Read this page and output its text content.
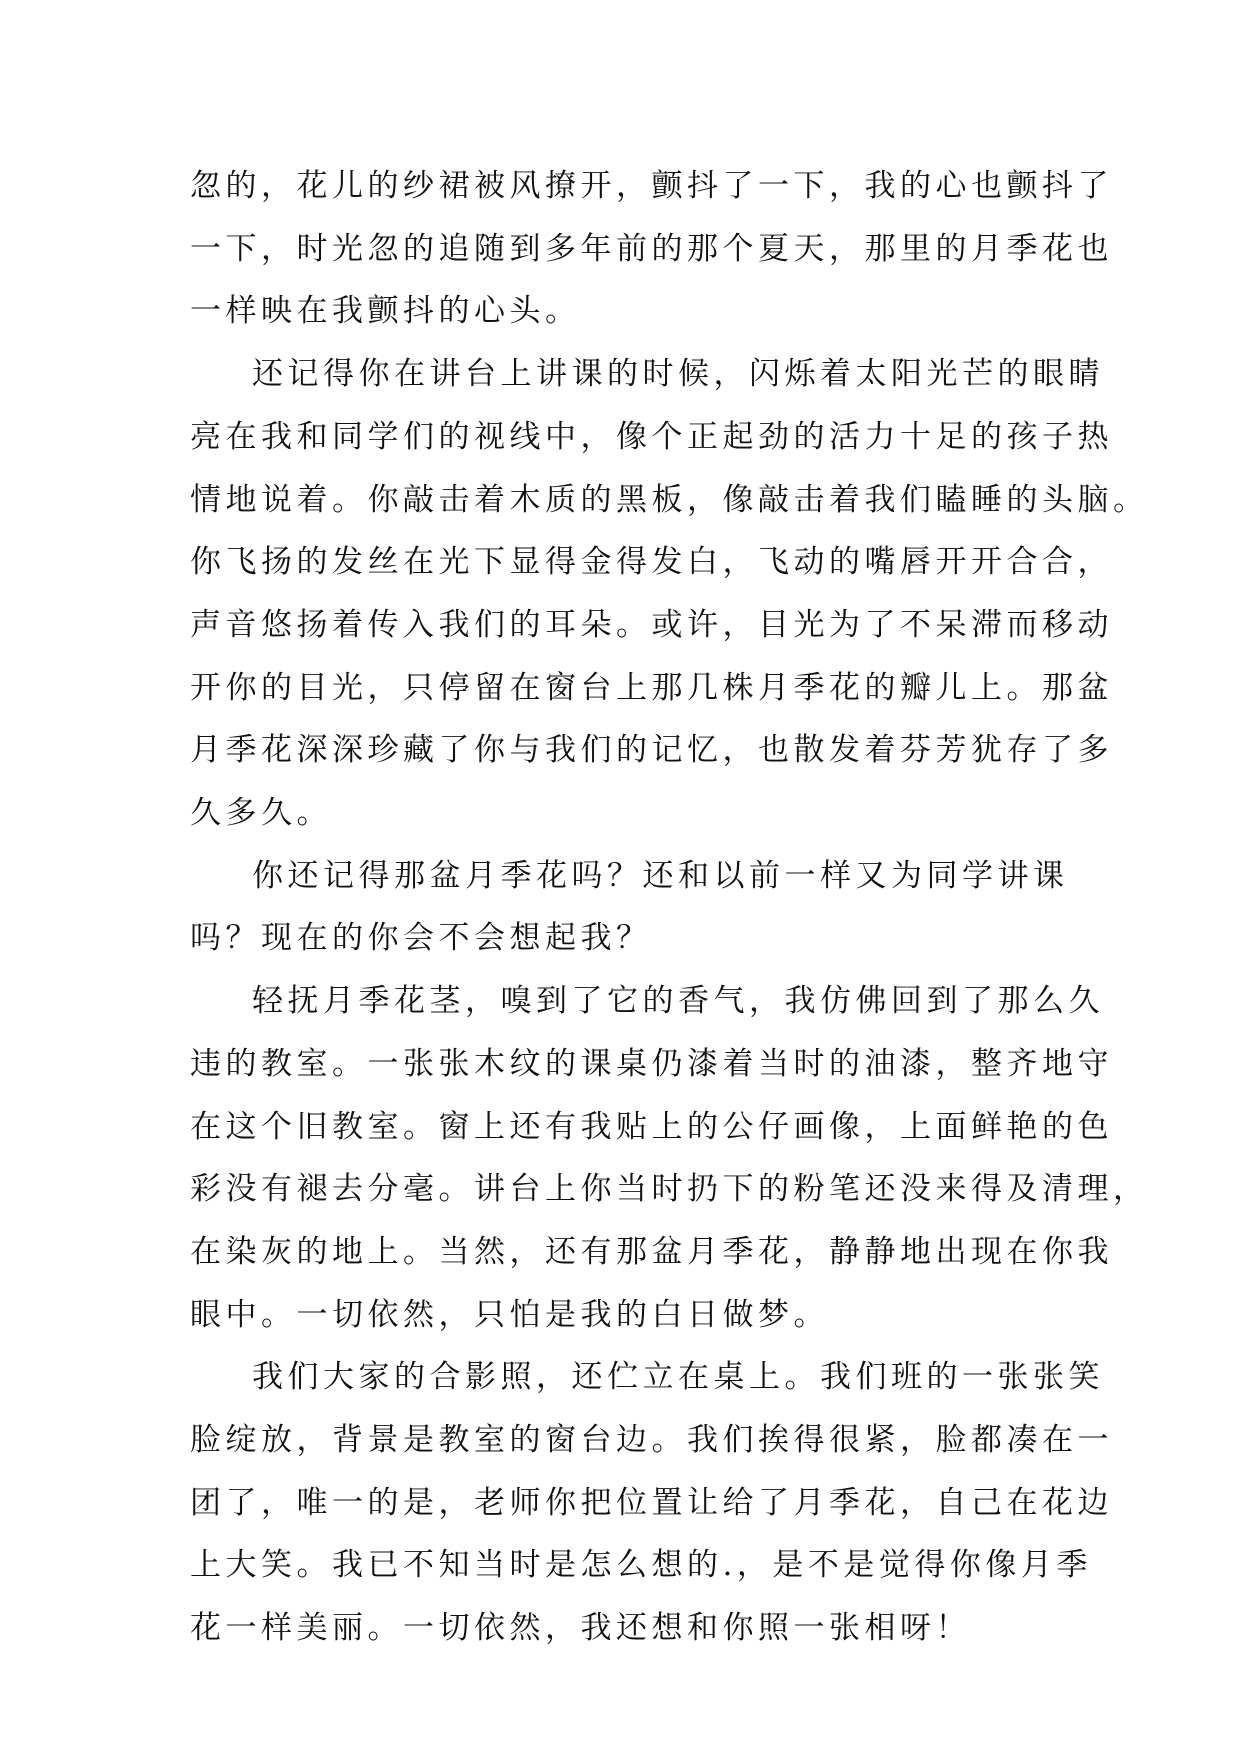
忽的，花儿的纱裙被风撩开，颤抖了一下，我的心也颤抖了
一下，时光忽的追随到多年前的那个夏天，那里的月季花也
一样映在我颤抖的心头。

还记得你在讲台上讲课的时候，闪烁着太阳光芒的眼睛
亮在我和同学们的视线中，像个正起劲的活力十足的孩子热
情地说着。你敲击着木质的黑板，像敲击着我们瞌睡的头脑。
你飞扬的发丝在光下显得金得发白，飞动的嘴唇开开合合，
声音悠扬着传入我们的耳朵。或许，目光为了不呆滞而移动
开你的目光，只停留在窗台上那几株月季花的瓣儿上。那盆
月季花深深珍藏了你与我们的记忆，也散发着芬芳犹存了多
久多久。

你还记得那盆月季花吗？还和以前一样又为同学讲课
吗？现在的你会不会想起我？

轻抚月季花茎，嗅到了它的香气，我仿佛回到了那么久
违的教室。一张张木纹的课桌仍漆着当时的油漆，整齐地守
在这个旧教室。窗上还有我贴上的公仔画像，上面鲜艳的色
彩没有褪去分毫。讲台上你当时扔下的粉笔还没来得及清理，
在染灰的地上。当然，还有那盆月季花，静静地出现在你我
眼中。一切依然，只怕是我的白日做梦。

我们大家的合影照，还伫立在桌上。我们班的一张张笑
脸绽放，背景是教室的窗台边。我们挨得很紧，脸都凑在一
团了，唯一的是，老师你把位置让给了月季花，自己在花边
上大笑。我已不知当时是怎么想的.，是不是觉得你像月季
花一样美丽。一切依然，我还想和你照一张相呀！
